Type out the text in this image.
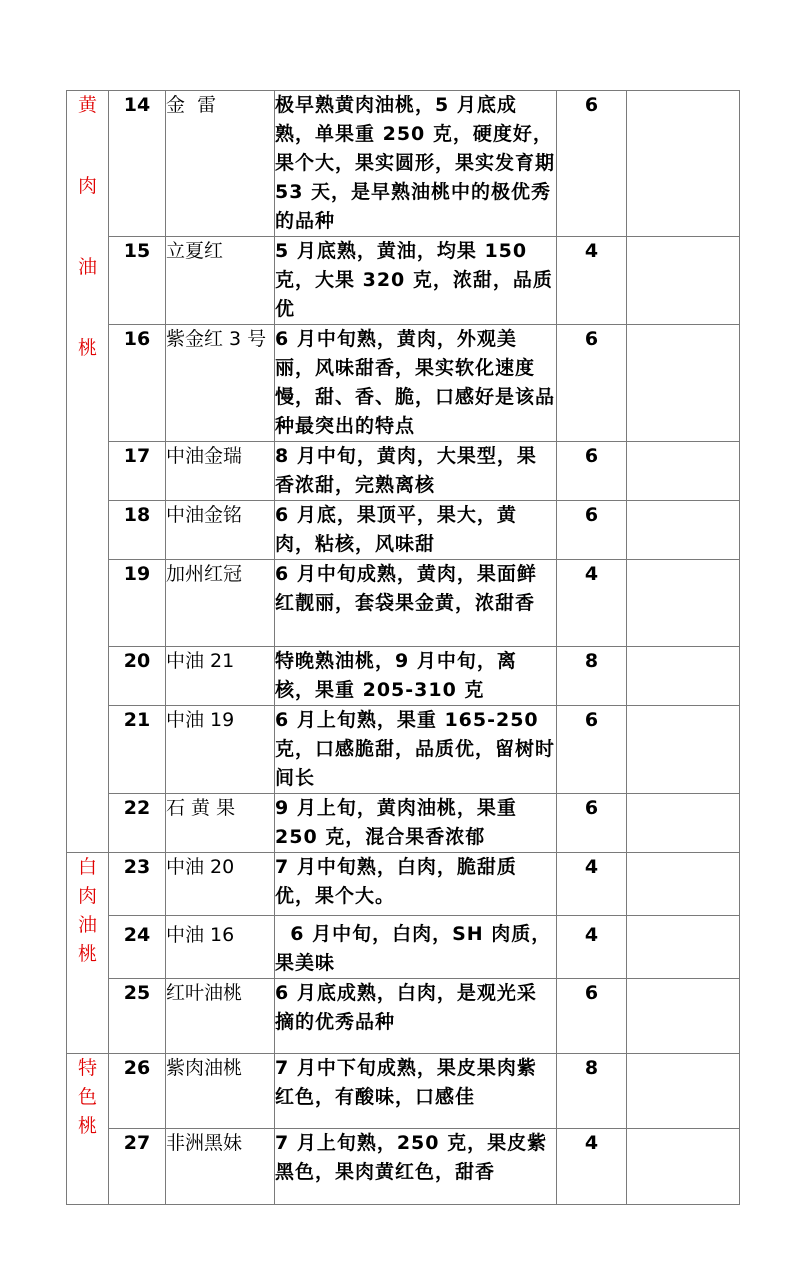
黄
肉
油
桃	14	金  雷	极早熟黄肉油桃，5 月底成熟，单果重 250 克，硬度好，果个大，果实圆形，果实发育期 53 天，是早熟油桃中的极优秀的品种	6	
	15	立夏红	5 月底熟，黄油，均果 150 克，大果 320 克，浓甜，品质优	4	
	16	紫金红 3 号	6 月中旬熟，黄肉，外观美丽，风味甜香，果实软化速度慢，甜、香、脆，口感好是该品种最突出的特点	6	
	17	中油金瑞	8 月中旬，黄肉，大果型，果香浓甜，完熟离核	6	
	18	中油金铭	6 月底，果顶平，果大，黄肉，粘核，风味甜	6	
	19	加州红冠	6 月中旬成熟，黄肉，果面鲜红靓丽，套袋果金黄，浓甜香	4	
	20	中油 21	特晚熟油桃，9 月中旬，离核，果重 205-310 克	8	
	21	中油 19	6 月上旬熟，果重 165-250 克，口感脆甜，品质优，留树时间长	6	
	22	石 黄 果	9 月上旬，黄肉油桃，果重 250 克，混合果香浓郁	6	

白
肉
油
桃	23	中油 20	7 月中旬熟，白肉，脆甜质优，果个大。	4	
	24	中油 16	6 月中旬，白肉，SH 肉质，果美味	4	
	25	红叶油桃	6 月底成熟，白肉，是观光采摘的优秀品种	6	

特
色
桃	26	紫肉油桃	7 月中下旬成熟，果皮果肉紫红色，有酸味，口感佳	8	
	27	非洲黑妹	7 月上旬熟，250 克，果皮紫黑色，果肉黄红色，甜香	4	
